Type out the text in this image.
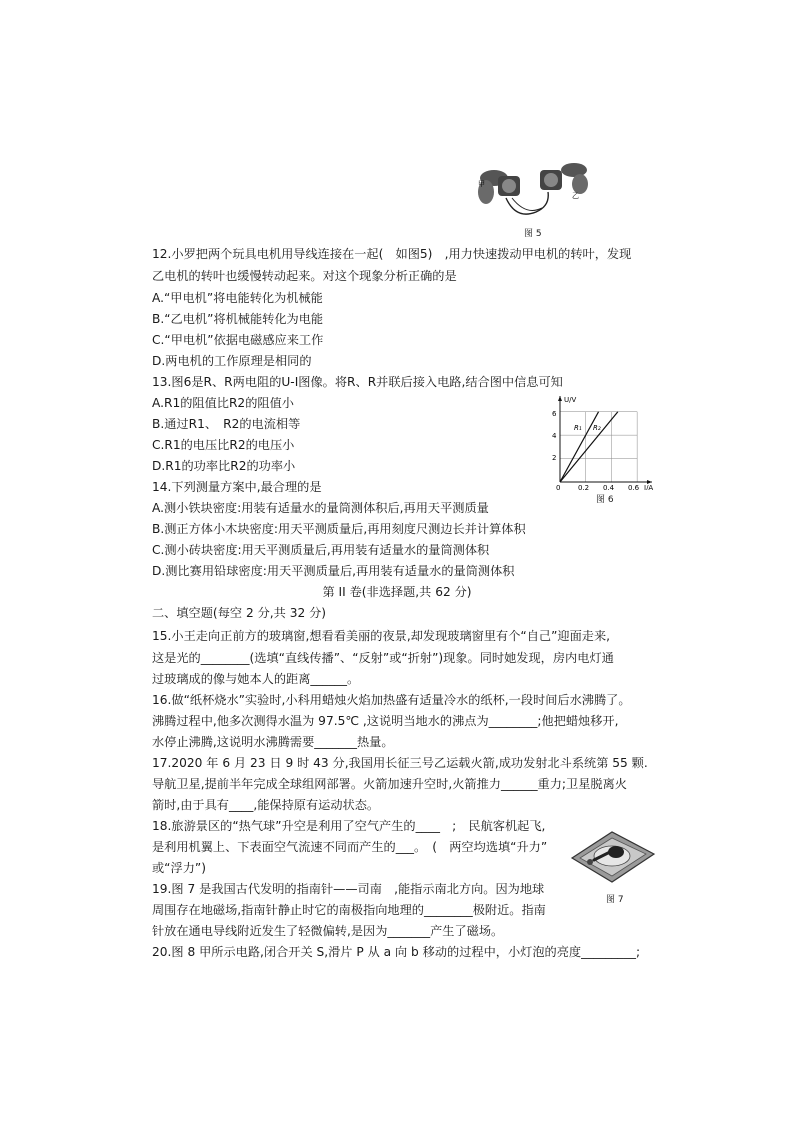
甲
乙
图 5
12.小罗把两个玩具电机用导线连接在一起(　如图5)　,用力快速拨动甲电机的转叶，发现
乙电机的转叶也缓慢转动起来。对这个现象分析正确的是
A.“甲电机”将电能转化为机械能
B.“乙电机”将机械能转化为电能
C.“甲电机”依据电磁感应来工作
D.两电机的工作原理是相同的
13.图6是R、R两电阻的U-I图像。将R、R并联后接入电路,结合图中信息可知
A.R1的阻值比R2的阻值小
B.通过R1、　R2的电流相等
C.R1的电压比R2的电压小
D.R1的功率比R2的功率小
U/V
I/A
2
4
6
0	0.2 0.4 0.6
R₁ R₂
图 6
14.下列测量方案中,最合理的是
A.测小铁块密度:用装有适量水的量筒测体积后,再用天平测质量
B.测正方体小木块密度:用天平测质量后,再用刻度尺测边长并计算体积
C.测小砖块密度:用天平测质量后,再用装有适量水的量筒测体积
D.测比赛用铅球密度:用天平测质量后,再用装有适量水的量筒测体积
第 II 卷(非选择题,共 62 分)
二、填空题(每空 2 分,共 32 分)
15.小王走向正前方的玻璃窗,想看看美丽的夜景,却发现玻璃窗里有个“自己”迎面走来,
这是光的________(选填“直线传播”、“反射”或“折射”)现象。同时她发现，房内电灯通
过玻璃成的像与她本人的距离______。
16.做“纸杯烧水”实验时,小科用蜡烛火焰加热盛有适量冷水的纸杯,一段时间后水沸腾了。
沸腾过程中,他多次测得水温为 97.5℃ ,这说明当地水的沸点为________;他把蜡烛移开,
水停止沸腾,这说明水沸腾需要_______热量。
17.2020 年 6 月 23 日 9 时 43 分,我国用长征三号乙运载火箭,成功发射北斗系统第 55 颗.
导航卫星,提前半年完成全球组网部署。火箭加速升空时,火箭推力______重力;卫星脱离火
箭时,由于具有____,能保持原有运动状态。
18.旅游景区的“热气球”升空是利用了空气产生的____　;　民航客机起飞,
是利用机翼上、下表面空气流速不同而产生的___。　(　两空均选填“升力”
或“浮力”)
图 7
19.图 7 是我国古代发明的指南针——司南　,能指示南北方向。因为地球
周围存在地磁场,指南针静止时它的南极指向地理的________极附近。指南
针放在通电导线附近发生了轻微偏转,是因为_______产生了磁场。
20.图 8 甲所示电路,闭合开关 S,滑片 P 从 a 向 b 移动的过程中，小灯泡的亮度_________;
